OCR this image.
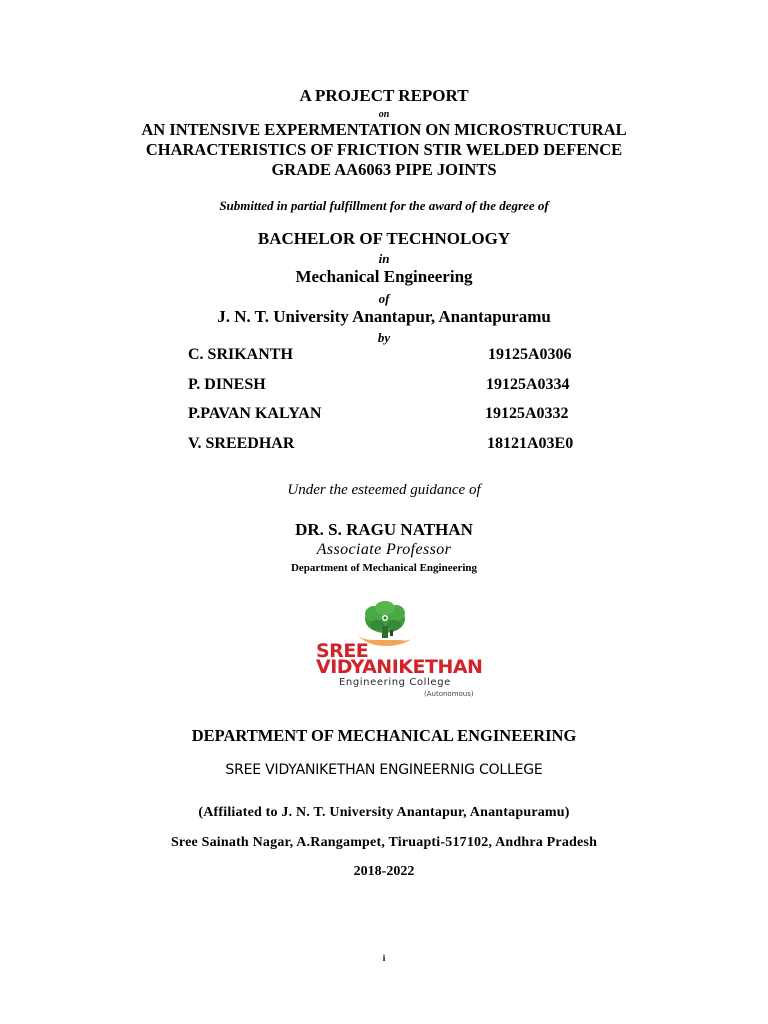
A PROJECT REPORT
on
AN INTENSIVE EXPERMENTATION ON MICROSTRUCTURAL
CHARACTERISTICS OF FRICTION STIR WELDED DEFENCE
GRADE AA6063 PIPE JOINTS
Submitted in partial fulfillment for the award of the degree of
BACHELOR OF TECHNOLOGY
in
Mechanical Engineering
of
J. N. T. University Anantapur, Anantapuramu
by
C. SRIKANTH	19125A0306
P. DINESH	19125A0334
P.PAVAN KALYAN	19125A0332
V. SREEDHAR	18121A03E0
Under the esteemed guidance of
DR. S. RAGU NATHAN
Associate Professor
Department of Mechanical Engineering
SREE
VIDYANIKETHAN
Engineering College
(Autonomous)
DEPARTMENT OF MECHANICAL ENGINEERING
SREE VIDYANIKETHAN ENGINEERNIG COLLEGE
(Affiliated to J. N. T. University Anantapur, Anantapuramu)
Sree Sainath Nagar, A.Rangampet, Tiruapti-517102, Andhra Pradesh
2018-2022
i
